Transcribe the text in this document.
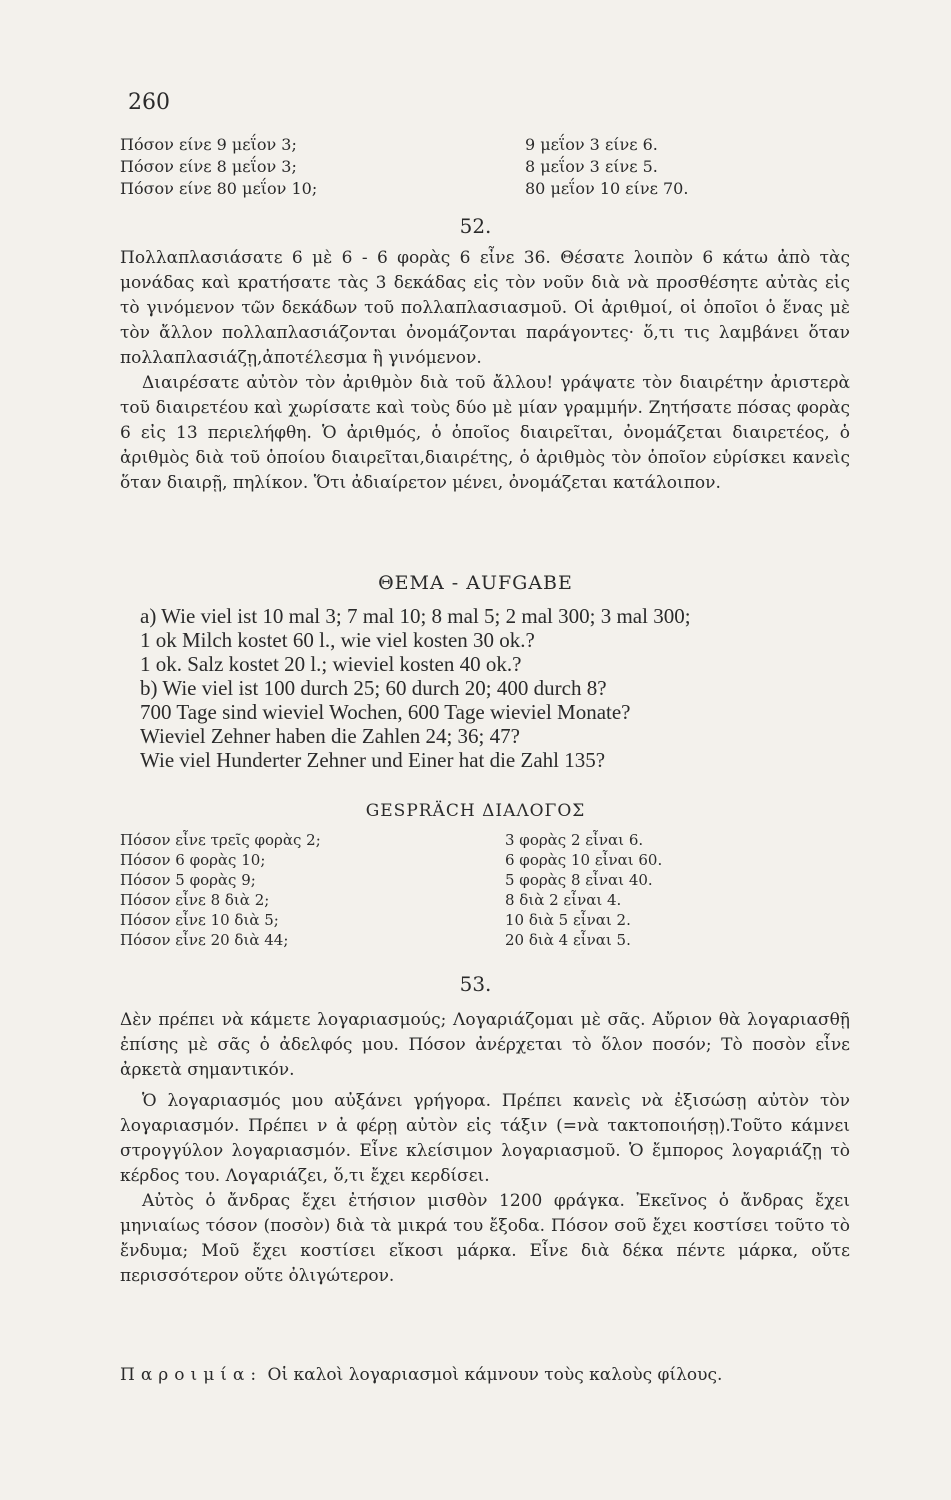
260
Πόσον είνε 9 μεΐον 3;	9 μεΐον 3 είνε 6.
Πόσον είνε 8 μεΐον 3;	8 μεΐον 3 είνε 5.
Πόσον είνε 80 μεΐον 10;	80 μεΐον 10 είνε 70.
52.

Πολλαπλασιάσατε 6 μὲ 6 - 6 φορὰς 6 εἶνε 36. Θέσατε λοιπὸν 6 κάτω ἀπὸ τὰς μονάδας καὶ κρατήσατε τὰς 3 δεκάδας εἰς τὸν νοῦν διὰ νὰ προσθέσητε αὐτὰς εἰς τὸ γινόμενον τῶν δεκάδων τοῦ πολλαπλασιασμοῦ. Οἱ ἀριθμοί, οἱ ὁποῖοι ὁ ἕνας μὲ τὸν ἄλλον πολλαπλασιάζονται ὀνομάζονται παράγοντες· ὅ,τι τις λαμβάνει ὅταν πολλαπλασιάζῃ,ἀποτέλεσμα ἢ γινόμενον.

Διαιρέσατε αὐτὸν τὸν ἀριθμὸν διὰ τοῦ ἄλλου! γράψατε τὸν διαιρέτην ἀριστερὰ τοῦ διαιρετέου καὶ χωρίσατε καὶ τοὺς δύο μὲ μίαν γραμμήν. Ζητήσατε πόσας φορὰς 6 εἰς 13 περιελήφθη. Ὁ ἀριθμός, ὁ ὁποῖος διαιρεῖται, ὀνομάζεται διαιρετέος, ὁ ἀριθμὸς διὰ τοῦ ὁποίου διαιρεῖται,διαιρέτης, ὁ ἀριθμὸς τὸν ὁποῖον εὑρίσκει κανεὶς ὅταν διαιρῇ, πηλίκον. Ὅτι ἀδιαίρετον μένει, ὀνομάζεται κατάλοιπον.

ΘΕΜΑ - AUFGABE
a) Wie viel ist 10 mal 3; 7 mal 10; 8 mal 5; 2 mal 300; 3 mal 300;
1 ok Milch kostet 60 l., wie viel kosten 30 ok.?
1 ok. Salz kostet 20 l.; wieviel kosten 40 ok.?
b) Wie viel ist 100 durch 25; 60 durch 20; 400 durch 8?
700 Tage sind wieviel Wochen, 600 Tage wieviel Monate?
Wieviel Zehner haben die Zahlen 24; 36; 47?
Wie viel Hunderter Zehner und Einer hat die Zahl 135?
GESPRÄCH ΔΙΑΛΟΓΟΣ
Πόσον εἶνε τρεῖς φορὰς 2;	3 φορὰς 2 εἶναι 6.
Πόσον 6 φορὰς 10;	6 φορὰς 10 εἶναι 60.
Πόσον 5 φορὰς 9;	5 φορὰς 8 εἶναι 40.
Πόσον εἶνε 8 διὰ 2;	8 διὰ 2 εἶναι 4.
Πόσον εἶνε 10 διὰ 5;	10 διὰ 5 εἶναι 2.
Πόσον εἶνε 20 διὰ 44;	20 διὰ 4 εἶναι 5.
53.

Δὲν πρέπει νὰ κάμετε λογαριασμούς; Λογαριάζομαι μὲ σᾶς. Αὔριον θὰ λογαριασθῇ ἐπίσης μὲ σᾶς ὁ ἀδελφός μου. Πόσον ἀνέρχεται τὸ ὅλον ποσόν; Τὸ ποσὸν εἶνε ἀρκετὰ σημαντικόν.

Ὁ λογαριασμός μου αὐξάνει γρήγορα. Πρέπει κανεὶς νὰ ἐξισώσῃ αὐτὸν τὸν λογαριασμόν. Πρέπει ν ἀ φέρῃ αὐτὸν εἰς τάξιν (=νὰ τακτοποιήσῃ).Τοῦτο κάμνει στρογγύλον λογαριασμόν. Εἶνε κλείσιμον λογαριασμοῦ. Ὁ ἔμπορος λογαριάζῃ τὸ κέρδος του. Λογαριάζει, ὅ,τι ἔχει κερδίσει.

Αὐτὸς ὁ ἄνδρας ἔχει ἐτήσιον μισθὸν 1200 φράγκα. Ἐκεῖνος ὁ ἄνδρας ἔχει μηνιαίως τόσον (ποσὸν) διὰ τὰ μικρά του ἔξοδα. Πόσον σοῦ ἔχει κοστίσει τοῦτο τὸ ἔνδυμα; Μοῦ ἔχει κοστίσει εἴκοσι μάρκα. Εἶνε διὰ δέκα πέντε μάρκα, οὔτε περισσότερον οὔτε ὀλιγώτερον.

Παροιμία: Οἱ καλοὶ λογαριασμοὶ κάμνουν τοὺς καλοὺς φίλους.
